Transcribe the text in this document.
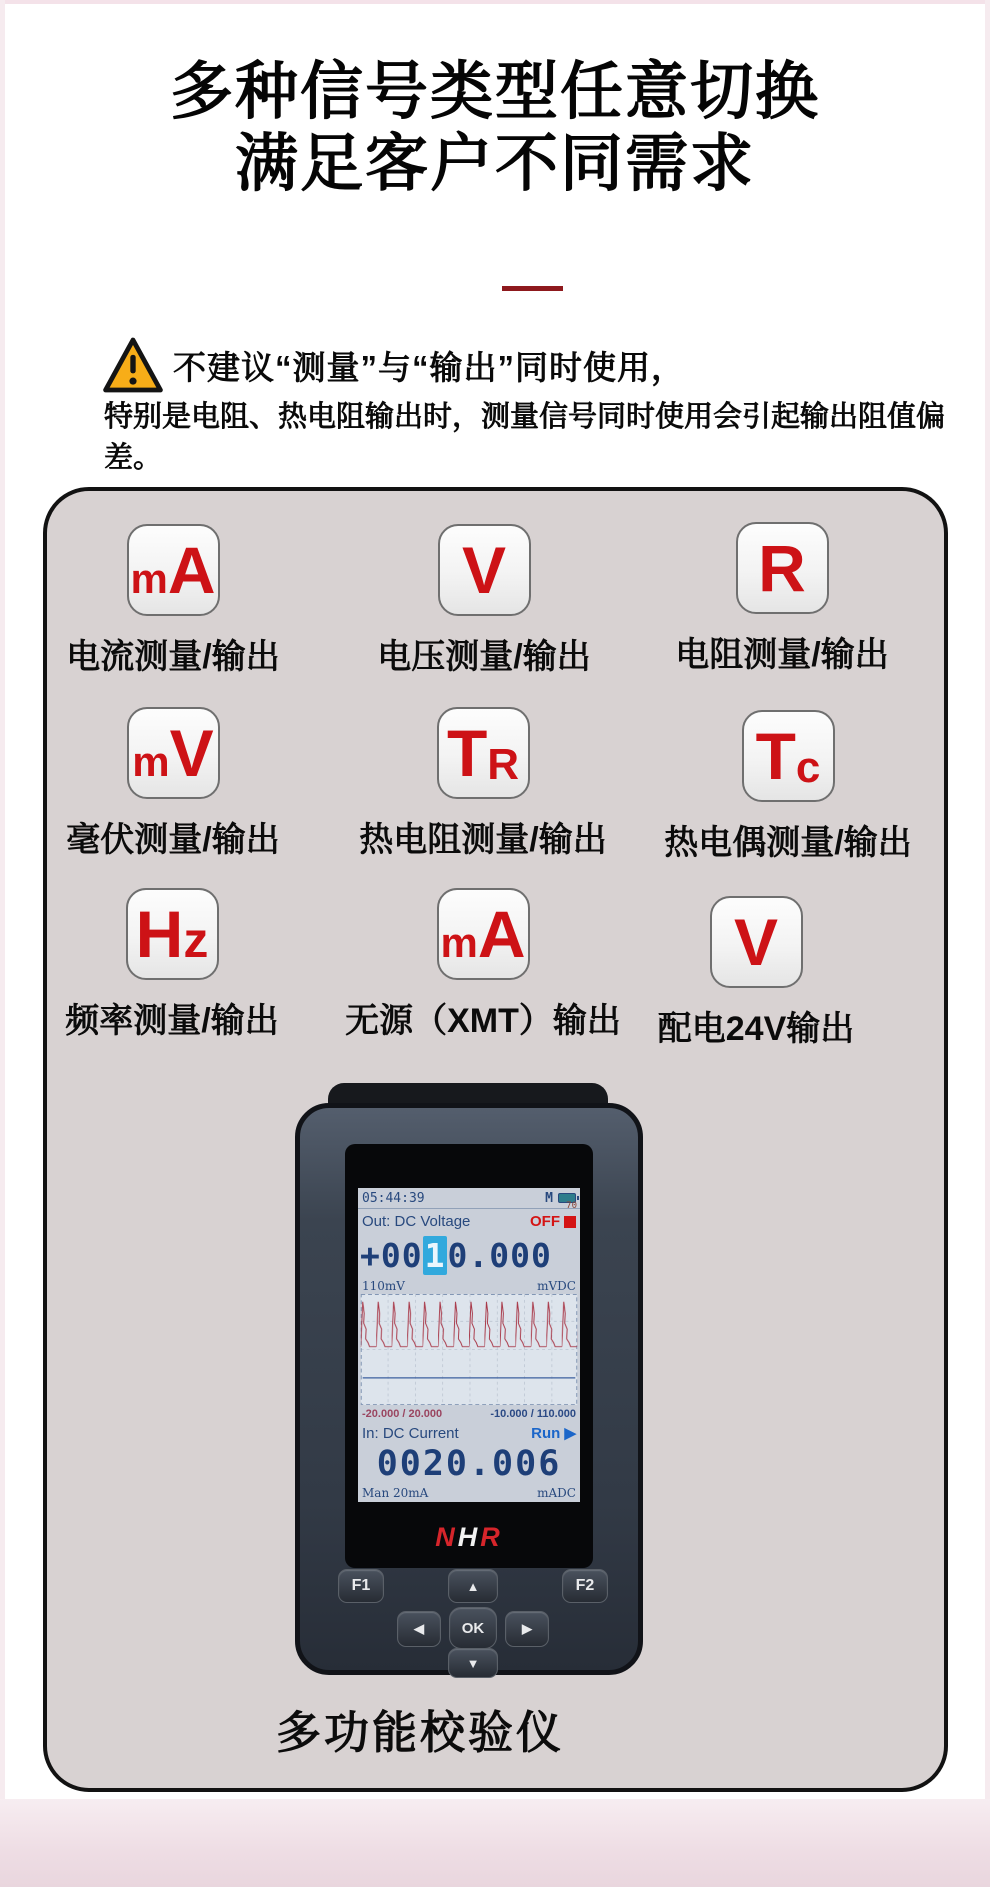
多种信号类型任意切换
满足客户不同需求
不建议“测量”与“输出”同时使用，
特别是电阻、热电阻输出时，测量信号同时使用会引起输出阻值偏差。
m A
电流测量/输出
V
电压测量/输出
R
电阻测量/输出
m V
毫伏测量/输出
T R
热电阻测量/输出
T c
热电偶测量/输出
H z
频率测量/输出
m A
无源（XMT）输出
V
配电24V输出
05:44:39	M
70
Out: DC Voltage	OFF
+00 1 0.000
110mV	mVDC
-20.000 / 20.000	-10.000 / 110.000
In: DC Current	Run ▶
0020.006
Man 20mA	mADC
NHR
F1	F2
▲
◀	OK	▶
▼
多功能校验仪
